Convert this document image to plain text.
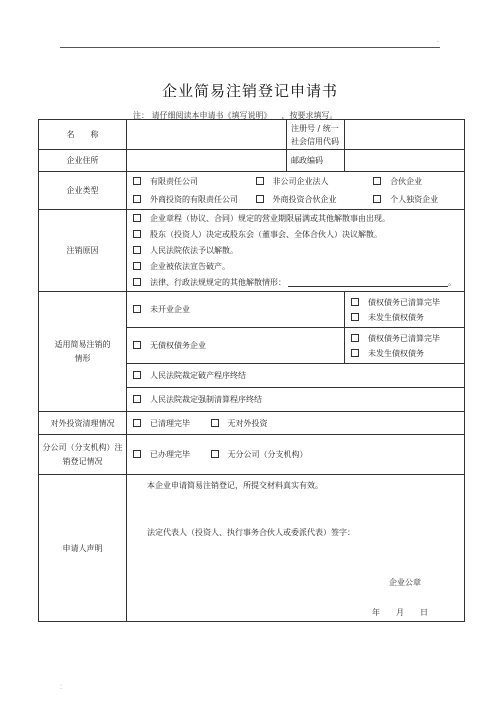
·
企业简易注销登记申请书
注： 请仔细阅读本申请书《填写说明》 ，按要求填写。
名　　称		注册号 / 统一社会信用代码	
企业住所		邮政编码	
企业类型	有限责任公司 非公司企业法人 合伙企业
外商投资的有限责任公司 外商投资合伙企业 个人独资企业		

注销原因	企业章程（协议、合同）规定的营业期限届满或其他解散事由出现。
股东（投资人）决定或股东会（董事会、全体合伙人）决议解散。
人民法院依法予以解散。
企业被依法宣告破产。
法律、行政法规规定的其他解散情形： 。		

适用简易注销的情形	未开业企业		债权债务已清算完毕
未发生债权债务

	无债权债务企业		债权债务已清算完毕
未发生债权债务

	人民法院裁定破产程序终结		
	人民法院裁定强制清算程序终结		
对外投资清理情况	已清理完毕 无对外投资		
分公司（分支机构）注销登记情况	已办理完毕 无分公司（分支机构）		
申请人声明	本企业申请简易注销登记，所提交材料真实有效。
法定代表人（投资人、执行事务合伙人或委派代表）签字：
企业公章
年　　月　　日		
⁚
